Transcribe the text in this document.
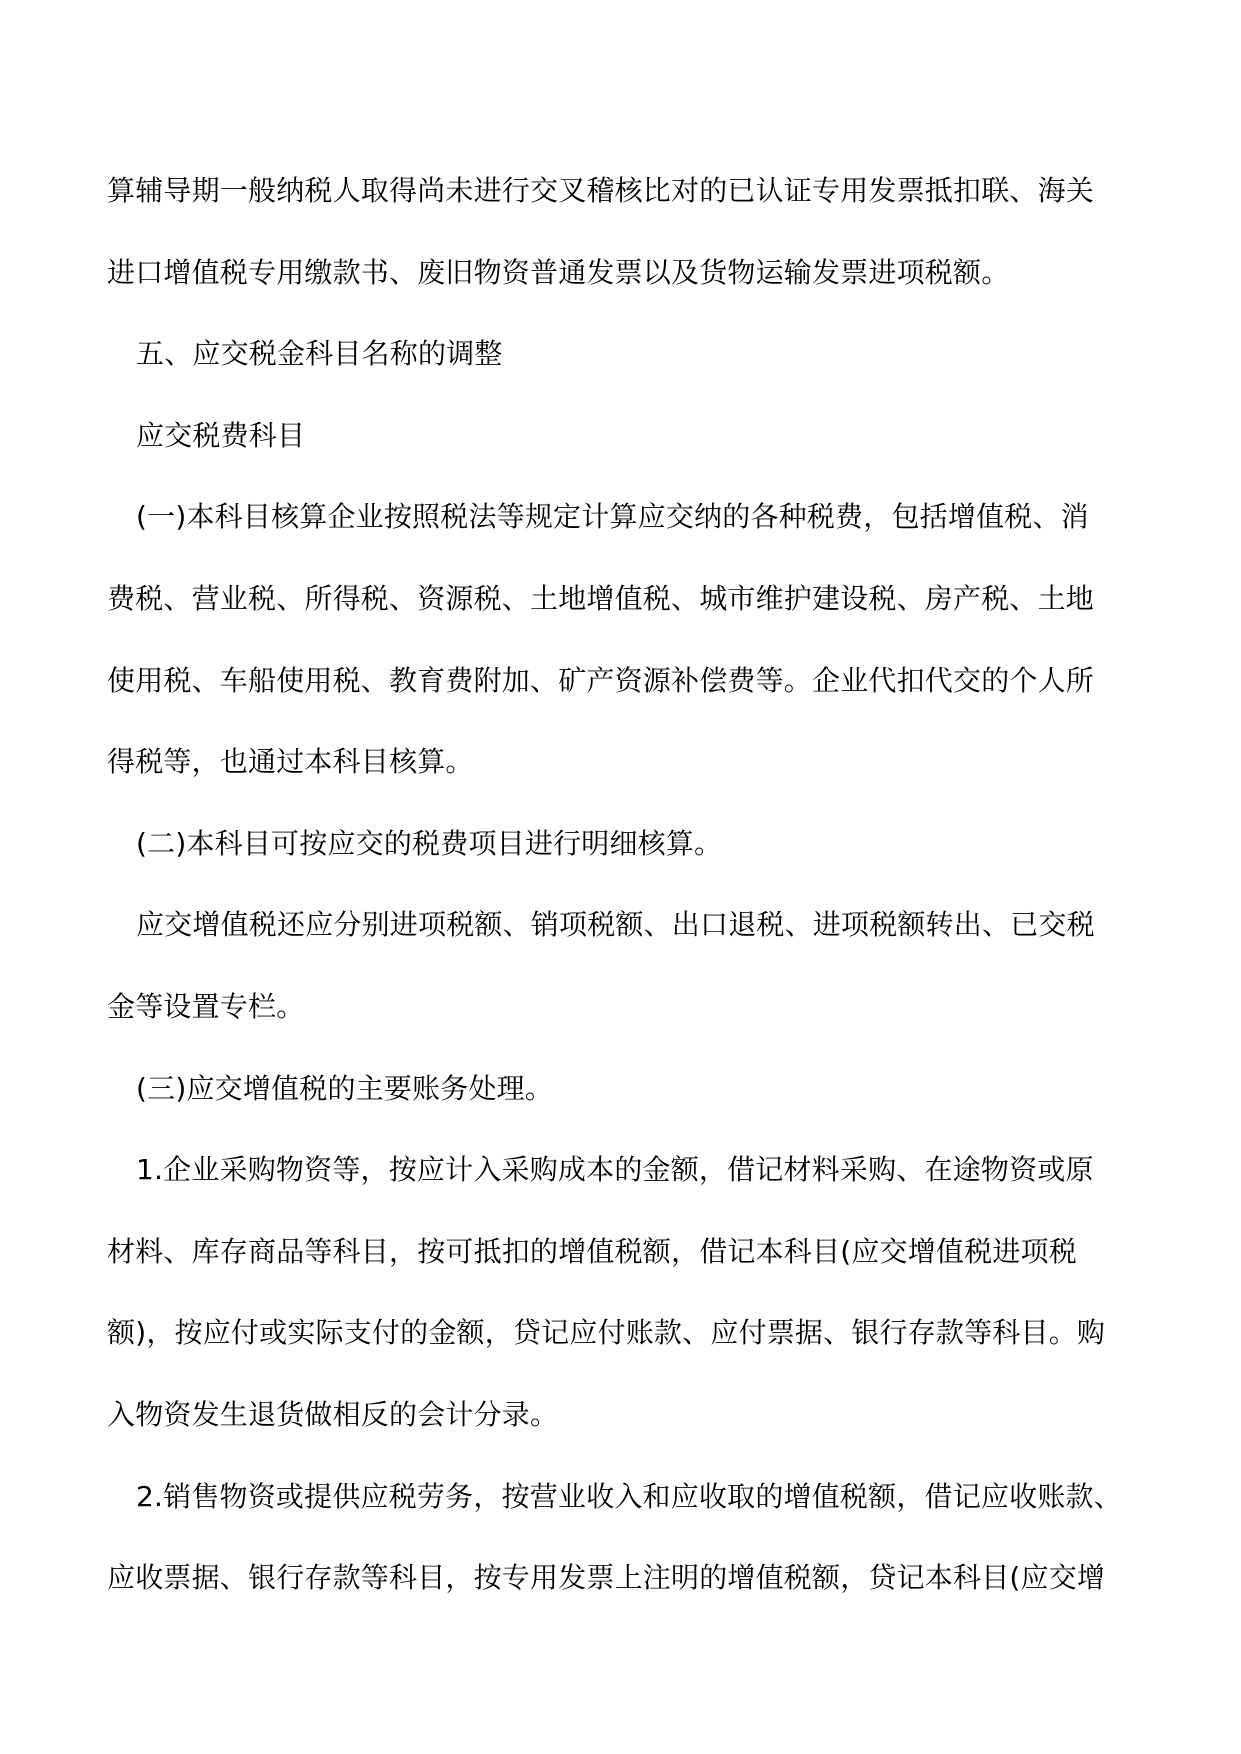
算辅导期一般纳税人取得尚未进行交叉稽核比对的已认证专用发票抵扣联、海关
进口增值税专用缴款书、废旧物资普通发票以及货物运输发票进项税额。
五、应交税金科目名称的调整
应交税费科目
(一)本科目核算企业按照税法等规定计算应交纳的各种税费，包括增值税、消
费税、营业税、所得税、资源税、土地增值税、城市维护建设税、房产税、土地
使用税、车船使用税、教育费附加、矿产资源补偿费等。企业代扣代交的个人所
得税等，也通过本科目核算。
(二)本科目可按应交的税费项目进行明细核算。
应交增值税还应分别进项税额、销项税额、出口退税、进项税额转出、已交税
金等设置专栏。
(三)应交增值税的主要账务处理。
1.企业采购物资等，按应计入采购成本的金额，借记材料采购、在途物资或原
材料、库存商品等科目，按可抵扣的增值税额，借记本科目(应交增值税进项税
额)，按应付或实际支付的金额，贷记应付账款、应付票据、银行存款等科目。购
入物资发生退货做相反的会计分录。
2.销售物资或提供应税劳务，按营业收入和应收取的增值税额，借记应收账款、
应收票据、银行存款等科目，按专用发票上注明的增值税额，贷记本科目(应交增
